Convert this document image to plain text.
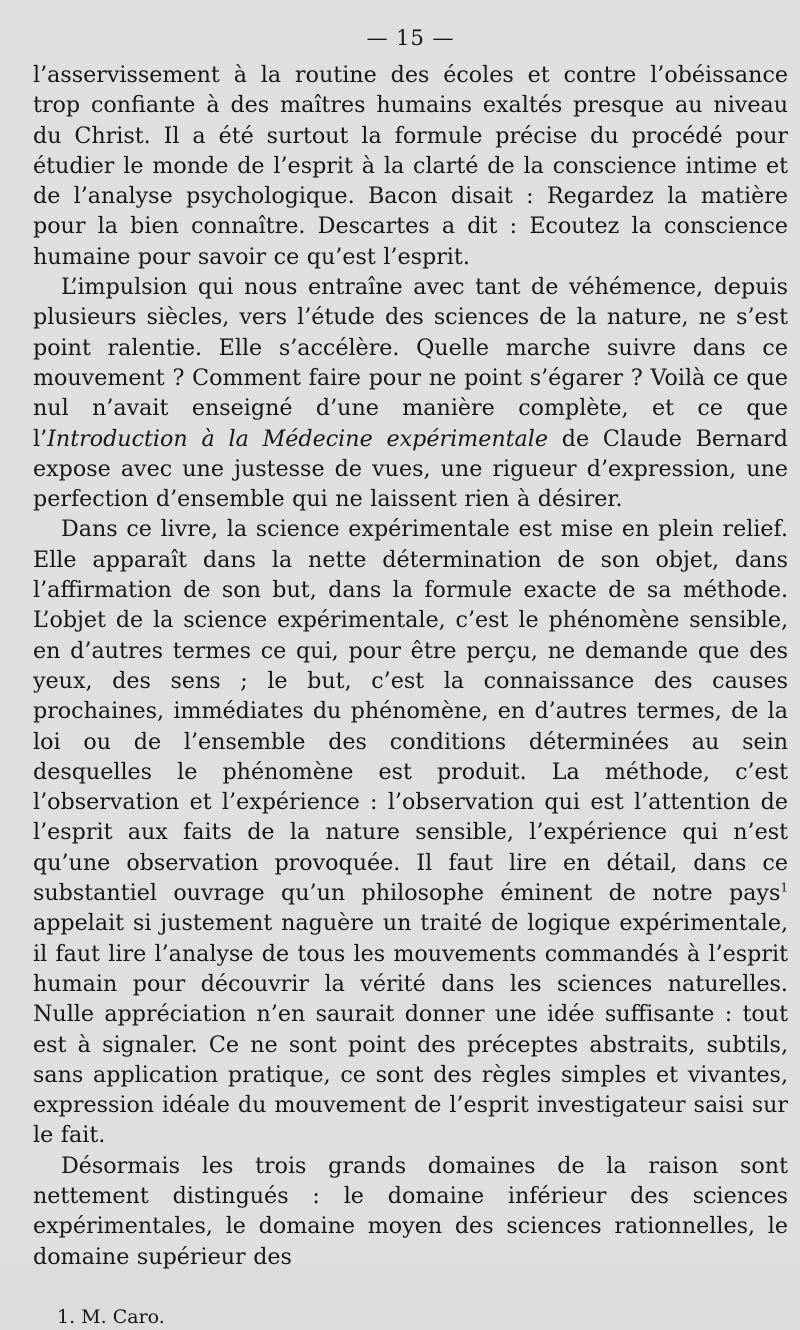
— 15 —

l’asservissement à la routine des écoles et contre l’obéissance trop confiante à des maîtres humains exaltés presque au niveau du Christ. Il a été surtout la formule précise du procédé pour étudier le monde de l’esprit à la clarté de la conscience intime et de l’analyse psychologique. Bacon disait : Regardez la matière pour la bien connaître. Descartes a dit : Ecoutez la conscience humaine pour savoir ce qu’est l’esprit.

L’impulsion qui nous entraîne avec tant de véhémence, depuis plusieurs siècles, vers l’étude des sciences de la nature, ne s’est point ralentie. Elle s’accélère. Quelle marche suivre dans ce mouvement ? Comment faire pour ne point s’égarer ? Voilà ce que nul n’avait enseigné d’une manière complète, et ce que l’Introduction à la Médecine expérimentale de Claude Bernard expose avec une justesse de vues, une rigueur d’expression, une perfection d’ensemble qui ne laissent rien à désirer.

Dans ce livre, la science expérimentale est mise en plein relief. Elle apparaît dans la nette détermination de son objet, dans l’affirmation de son but, dans la formule exacte de sa méthode. L’objet de la science expérimentale, c’est le phénomène sensible, en d’autres termes ce qui, pour être perçu, ne demande que des yeux, des sens ; le but, c’est la connaissance des causes prochaines, immédiates du phénomène, en d’autres termes, de la loi ou de l’ensemble des conditions déterminées au sein desquelles le phénomène est produit. La méthode, c’est l’observation et l’expérience : l’observation qui est l’attention de l’esprit aux faits de la nature sensible, l’expérience qui n’est qu’une observation provoquée. Il faut lire en détail, dans ce substantiel ouvrage qu’un philosophe éminent de notre pays$^1$ appelait si justement naguère un traité de logique expérimentale, il faut lire l’analyse de tous les mouvements commandés à l’esprit humain pour découvrir la vérité dans les sciences naturelles. Nulle appréciation n’en saurait donner une idée suffisante : tout est à signaler. Ce ne sont point des préceptes abstraits, subtils, sans application pratique, ce sont des règles simples et vivantes, expression idéale du mouvement de l’esprit investigateur saisi sur le fait.

Désormais les trois grands domaines de la raison sont nettement distingués : le domaine inférieur des sciences expérimentales, le domaine moyen des sciences rationnelles, le domaine supérieur des

1. M. Caro.
